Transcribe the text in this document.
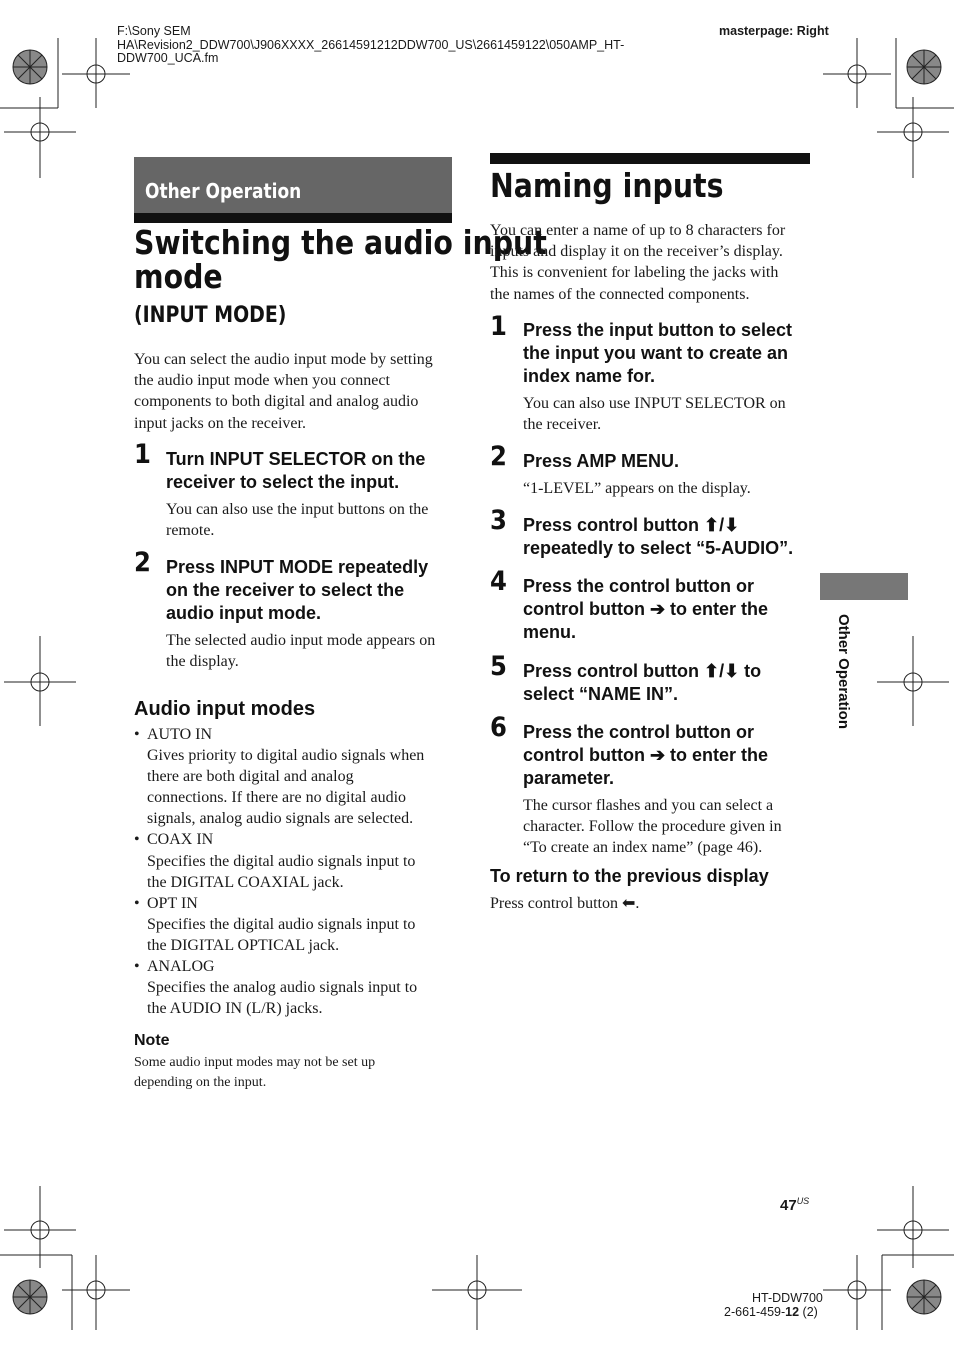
F:\Sony SEM
HA\Revision2_DDW700\J906XXXX_26614591212DDW700_US\2661459122\050AMP_HT-
DDW700_UCA.fm
masterpage: Right
Other Operation
Switching the audio input
mode
(INPUT MODE)
You can select the audio input mode by setting
the audio input mode when you connect
components to both digital and analog audio
input jacks on the receiver.
1 Turn INPUT SELECTOR on the
receiver to select the input.
You can also use the input buttons on the
remote.
2 Press INPUT MODE repeatedly
on the receiver to select the
audio input mode.
The selected audio input mode appears on
the display.
Audio input modes
• AUTO IN
Gives priority to digital audio signals when
there are both digital and analog
connections. If there are no digital audio
signals, analog audio signals are selected.
• COAX IN
Specifies the digital audio signals input to
the DIGITAL COAXIAL jack.
• OPT IN
Specifies the digital audio signals input to
the DIGITAL OPTICAL jack.
• ANALOG
Specifies the analog audio signals input to
the AUDIO IN (L/R) jacks.
Note
Some audio input modes may not be set up
depending on the input.
Naming inputs
You can enter a name of up to 8 characters for
inputs and display it on the receiver’s display.
This is convenient for labeling the jacks with
the names of the connected components.
1 Press the input button to select
the input you want to create an
index name for.
You can also use INPUT SELECTOR on
the receiver.
2 Press AMP MENU.
“1-LEVEL” appears on the display.
3 Press control button ⬆/⬇
repeatedly to select “5-AUDIO”.
4 Press the control button or
control button ➔ to enter the
menu.
5 Press control button ⬆/⬇ to
select “NAME IN”.
6 Press the control button or
control button ➔ to enter the
parameter.
The cursor flashes and you can select a
character. Follow the procedure given in
“To create an index name” (page 46).
To return to the previous display
Press control button ⬅.
Other Operation
$47^{US}$
HT-DDW700
2-661-459-12 (2)
